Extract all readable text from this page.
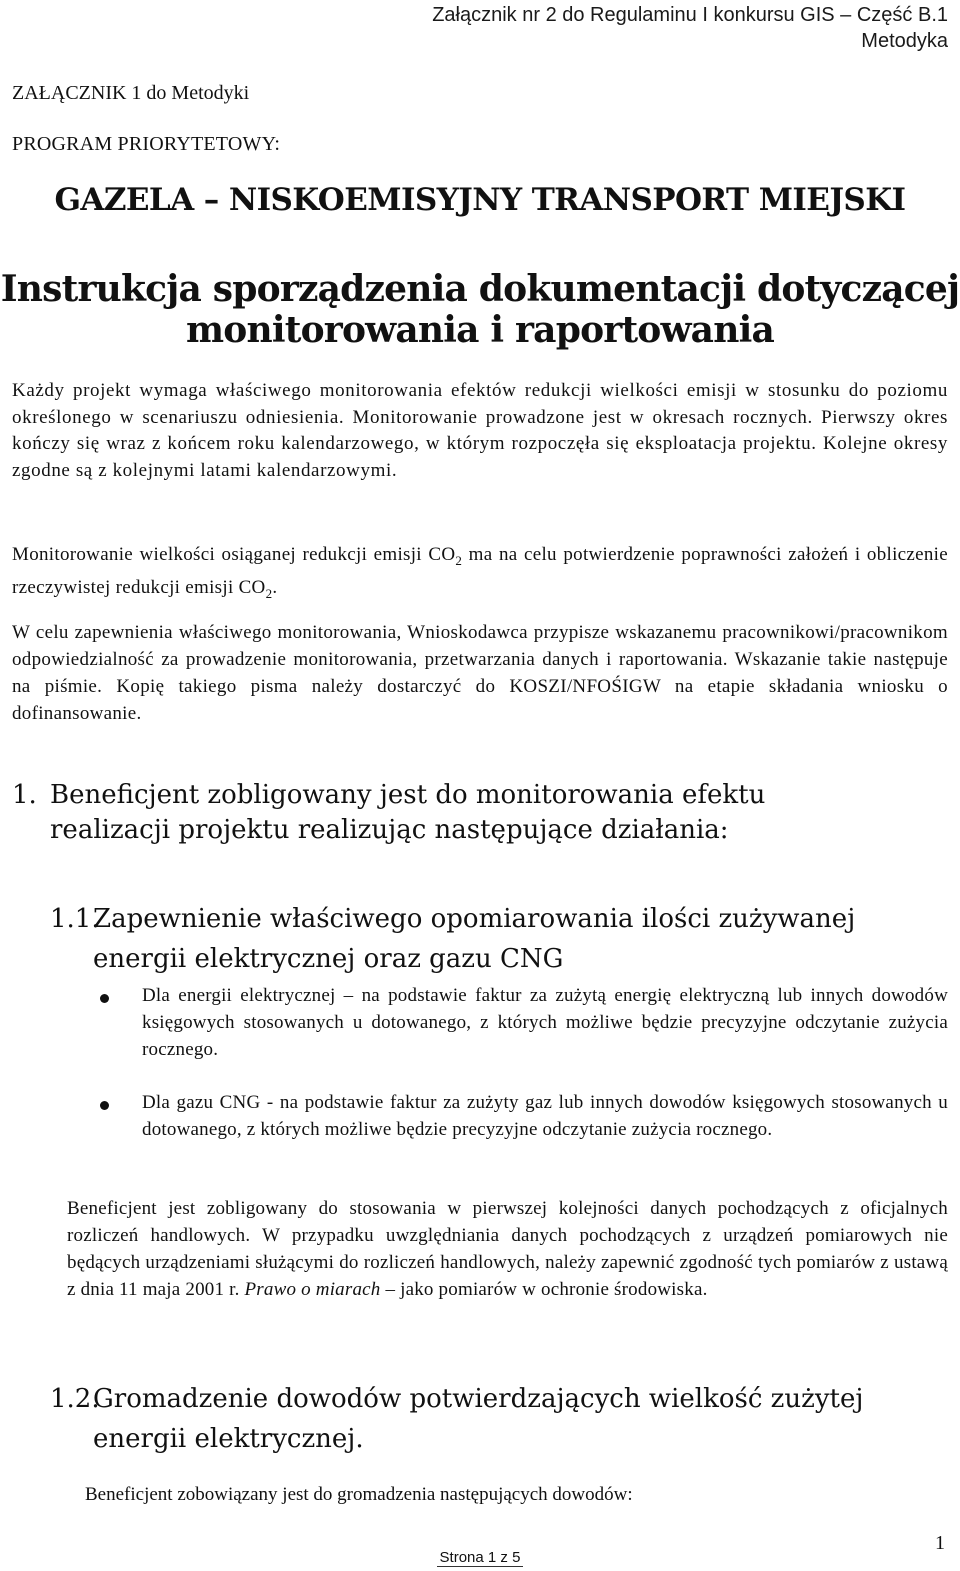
Załącznik nr 2 do Regulaminu I konkursu GIS – Część B.1
Metodyka
ZAŁĄCZNIK 1 do Metodyki
PROGRAM PRIORYTETOWY:
GAZELA – NISKOEMISYJNY TRANSPORT MIEJSKI
Instrukcja sporządzenia dokumentacji dotyczącej
monitorowania i raportowania
Każdy projekt wymaga właściwego monitorowania efektów redukcji wielkości emisji w stosunku do poziomu określonego w scenariuszu odniesienia. Monitorowanie prowadzone jest w okresach rocznych. Pierwszy okres kończy się wraz z końcem roku kalendarzowego, w którym rozpoczęła się eksploatacja projektu. Kolejne okresy zgodne są z kolejnymi latami kalendarzowymi.
Monitorowanie wielkości osiąganej redukcji emisji $CO_2$ ma na celu potwierdzenie poprawności założeń i obliczenie rzeczywistej redukcji emisji $CO_2$.
W celu zapewnienia właściwego monitorowania, Wnioskodawca przypisze wskazanemu pracownikowi/pracownikom odpowiedzialność za prowadzenie monitorowania, przetwarzania danych i raportowania. Wskazanie takie następuje na piśmie. Kopię takiego pisma należy dostarczyć do KOSZI/NFOŚIGW na etapie składania wniosku o dofinansowanie.
1. Beneficjent zobligowany jest do monitorowania efektu realizacji projektu realizując następujące działania:
1.1.
Zapewnienie właściwego opomiarowania ilości zużywanej energii elektrycznej oraz gazu CNG
Dla energii elektrycznej – na podstawie faktur za zużytą energię elektryczną lub innych dowodów księgowych stosowanych u dotowanego, z których możliwe będzie precyzyjne odczytanie zużycia rocznego.
Dla gazu CNG - na podstawie faktur za zużyty gaz lub innych dowodów księgowych stosowanych u dotowanego, z których możliwe będzie precyzyjne odczytanie zużycia rocznego.
Beneficjent jest zobligowany do stosowania w pierwszej kolejności danych pochodzących z oficjalnych rozliczeń handlowych. W przypadku uwzględniania danych pochodzących z urządzeń pomiarowych nie będących urządzeniami służącymi do rozliczeń handlowych, należy zapewnić zgodność tych pomiarów z ustawą z dnia 11 maja 2001 r. Prawo o miarach – jako pomiarów w ochronie środowiska.
1.2.
Gromadzenie dowodów potwierdzających wielkość zużytej energii elektrycznej.
Beneficjent zobowiązany jest do gromadzenia następujących dowodów:
Strona 1 z 5
1
